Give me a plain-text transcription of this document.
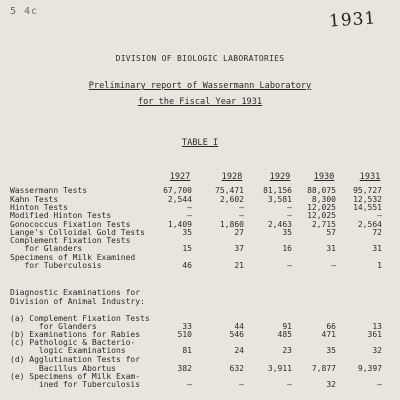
5 4c	1931
DIVISION OF BIOLOGIC LABORATORIES
Preliminary report of Wassermann Laboratory
for the Fiscal Year 1931
TABLE I
1927	1928	1929	1930	1931
Wassermann Tests	67,700	75,471	81,156	88,075	95,727
Kahn Tests	2,544	2,602	3,581	8,300	12,532
Hinton Tests	—	—	—	12,025	14,551
Modified Hinton Tests	—	—	—	12,025	—
Gonococcus Fixation Tests	1,409	1,860	2,463	2,715	2,564
Lange's Colloidal Gold Tests	35	27	35	57	72
Complement Fixation Tests
for Glanders	15	37	16	31	31
Specimens of Milk Examined
for Tuberculosis	46	21	—	—	1
Diagnostic Examinations for
Division of Animal Industry:
(a) Complement Fixation Tests
for Glanders	33	44	91	66	13
(b) Examinations for Rabies	510	546	485	471	361
(c) Pathologic & Bacterio-
logic Examinations	81	24	23	35	32
(d) Agglutination Tests for
Bacillus Abortus	382	632	3,911	7,877	9,397
(e) Specimens of Milk Exam-
ined for Tuberculosis	—	—	—	32	—
